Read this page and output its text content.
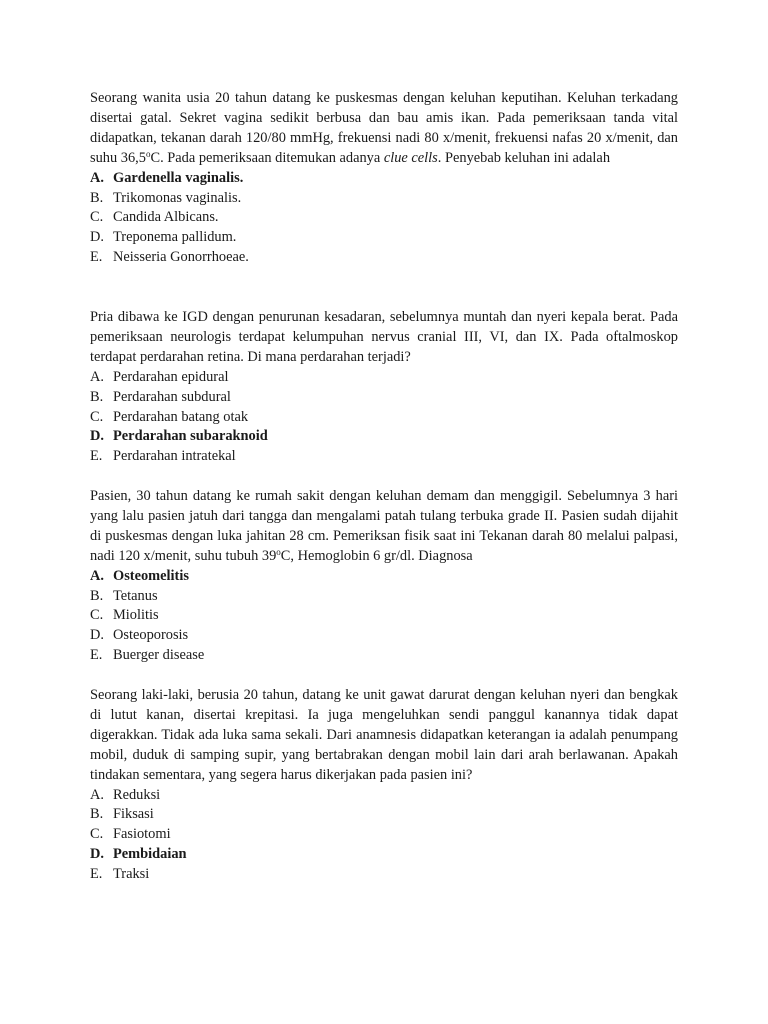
Seorang wanita usia 20 tahun datang ke puskesmas dengan keluhan keputihan. Keluhan terkadang disertai gatal. Sekret vagina sedikit berbusa dan bau amis ikan. Pada pemeriksaan tanda vital didapatkan, tekanan darah 120/80 mmHg, frekuensi nadi 80 x/menit, frekuensi nafas 20 x/menit, dan suhu 36,5$^o$C. Pada pemeriksaan ditemukan adanya clue cells. Penyebab keluhan ini adalah

A. Gardenella vaginalis.
B. Trikomonas vaginalis.
C. Candida Albicans.
D. Treponema pallidum.
E. Neisseria Gonorrhoeae.

Pria dibawa ke IGD dengan penurunan kesadaran, sebelumnya muntah dan nyeri kepala berat. Pada pemeriksaan neurologis terdapat kelumpuhan nervus cranial III, VI, dan IX. Pada oftalmoskop terdapat perdarahan retina. Di mana perdarahan terjadi?

A. Perdarahan epidural
B. Perdarahan subdural
C. Perdarahan batang otak
D. Perdarahan subaraknoid
E. Perdarahan intratekal

Pasien, 30 tahun datang ke rumah sakit dengan keluhan demam dan menggigil. Sebelumnya 3 hari yang lalu pasien jatuh dari tangga dan mengalami patah tulang terbuka grade II. Pasien sudah dijahit di puskesmas dengan luka jahitan 28 cm. Pemeriksan fisik saat ini Tekanan darah 80 melalui palpasi, nadi 120 x/menit, suhu tubuh 39$^o$C, Hemoglobin 6 gr/dl. Diagnosa

A. Osteomelitis
B. Tetanus
C. Miolitis
D. Osteoporosis
E. Buerger disease

Seorang laki-laki, berusia 20 tahun, datang ke unit gawat darurat dengan keluhan nyeri dan bengkak di lutut kanan, disertai krepitasi. Ia juga mengeluhkan sendi panggul kanannya tidak dapat digerakkan. Tidak ada luka sama sekali. Dari anamnesis didapatkan keterangan ia adalah penumpang mobil, duduk di samping supir, yang bertabrakan dengan mobil lain dari arah berlawanan. Apakah tindakan sementara, yang segera harus dikerjakan pada pasien ini?

A. Reduksi
B. Fiksasi
C. Fasiotomi
D. Pembidaian
E. Traksi
